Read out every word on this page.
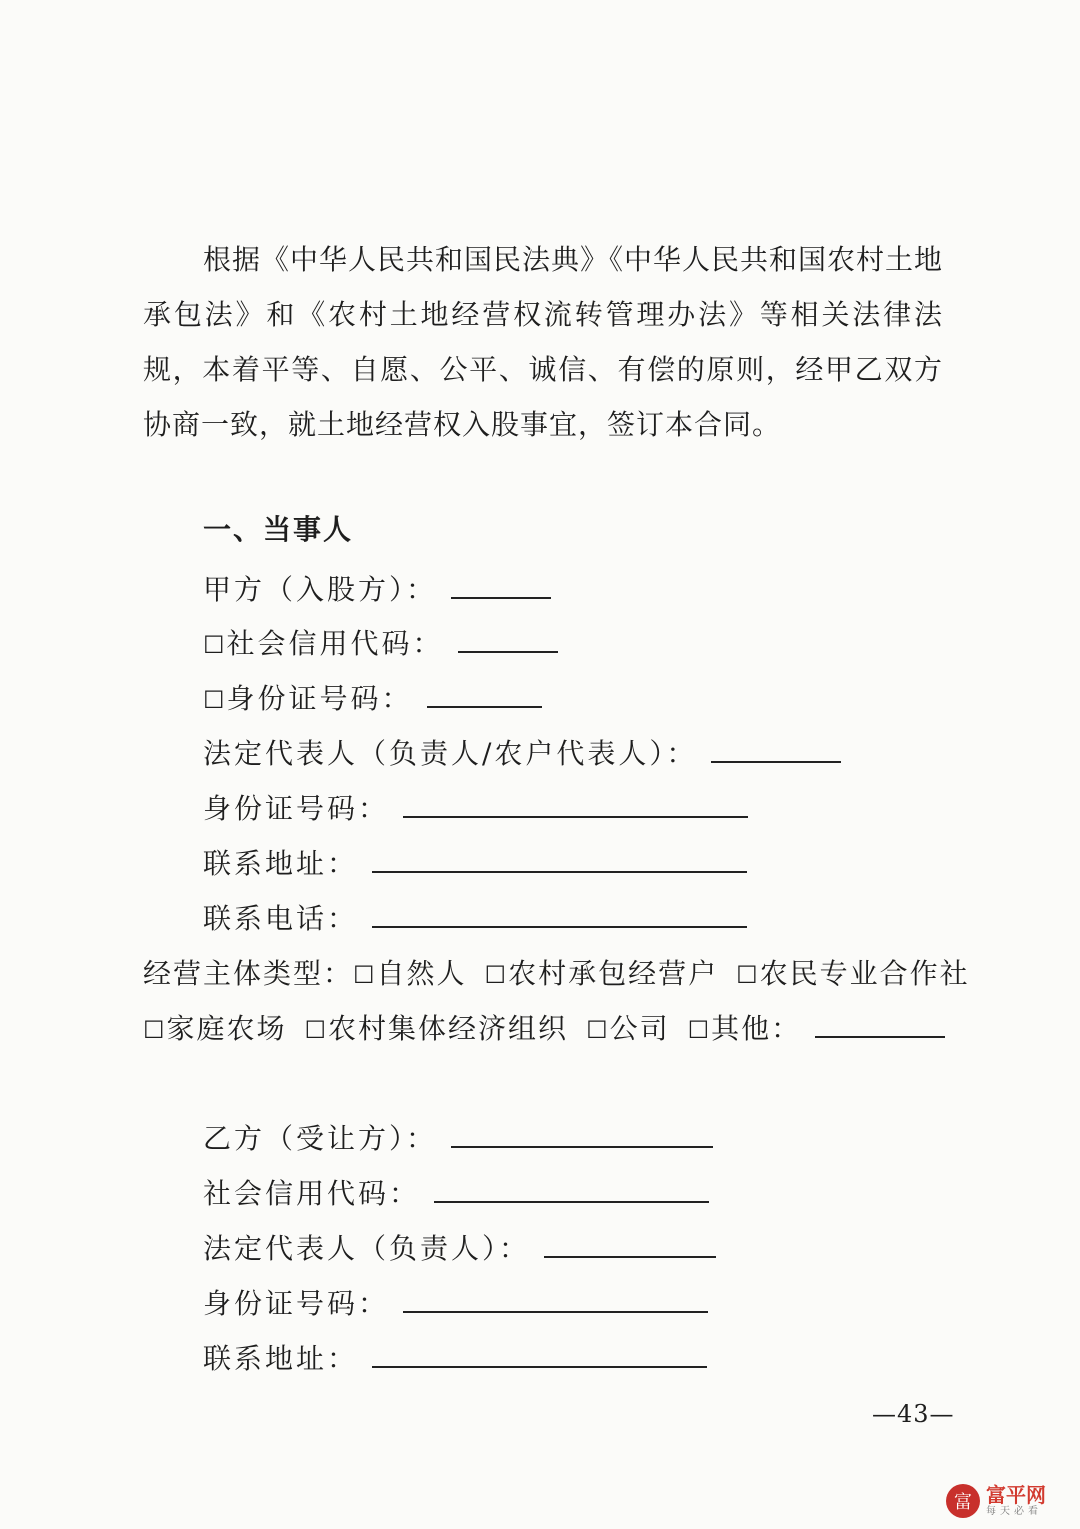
根据《中华人民共和国民法典》《中华人民共和国农村土地承包法》和《农村土地经营权流转管理办法》等相关法律法规，本着平等、自愿、公平、诚信、有偿的原则，经甲乙双方协商一致，就土地经营权入股事宜，签订本合同。

一、当事人

甲方（入股方）：
☐ 社会信用代码：
☐ 身份证号码：
法定代表人（负责人/农户代表人）：
身份证号码：
联系地址：
联系电话：
经营主体类型： ☐自然人 ☐农村承包经营户 ☐农民专业合作社
☐家庭农场 ☐农村集体经济组织 ☐公司 ☐其他：
乙方（受让方）：
社会信用代码：
法定代表人（负责人）：
身份证号码：
联系地址：
—43—
富 富平网
每天必看
